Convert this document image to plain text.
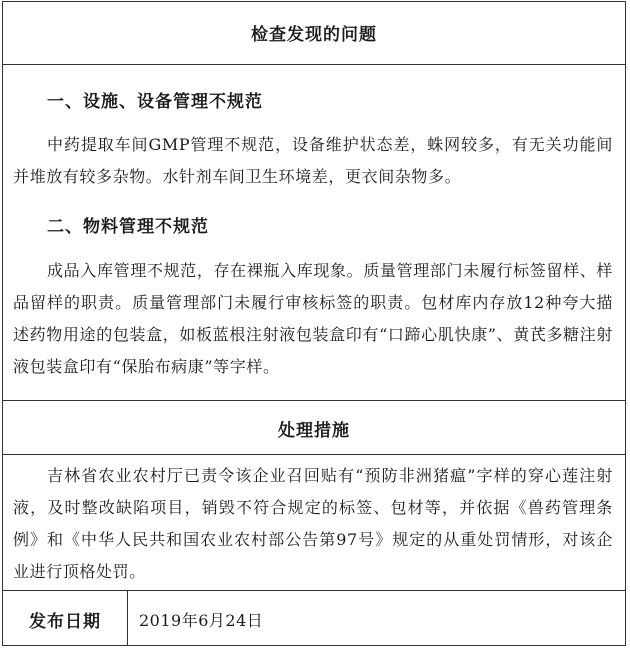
检查发现的问题
一、设施、设备管理不规范
中药提取车间GMP管理不规范，设备维护状态差，蛛网较多，有无关功能间并堆放有较多杂物。水针剂车间卫生环境差，更衣间杂物多。
二、物料管理不规范
成品入库管理不规范，存在裸瓶入库现象。质量管理部门未履行标签留样、样品留样的职责。质量管理部门未履行审核标签的职责。包材库内存放12种夸大描述药物用途的包装盒，如板蓝根注射液包装盒印有“口蹄心肌快康”、黄芪多糖注射液包装盒印有“保胎布病康”等字样。
处理措施
吉林省农业农村厅已责令该企业召回贴有“预防非洲猪瘟”字样的穿心莲注射液，及时整改缺陷项目，销毁不符合规定的标签、包材等，并依据《兽药管理条例》和《中华人民共和国农业农村部公告第97号》规定的从重处罚情形，对该企业进行顶格处罚。
发布日期	2019年6月24日
